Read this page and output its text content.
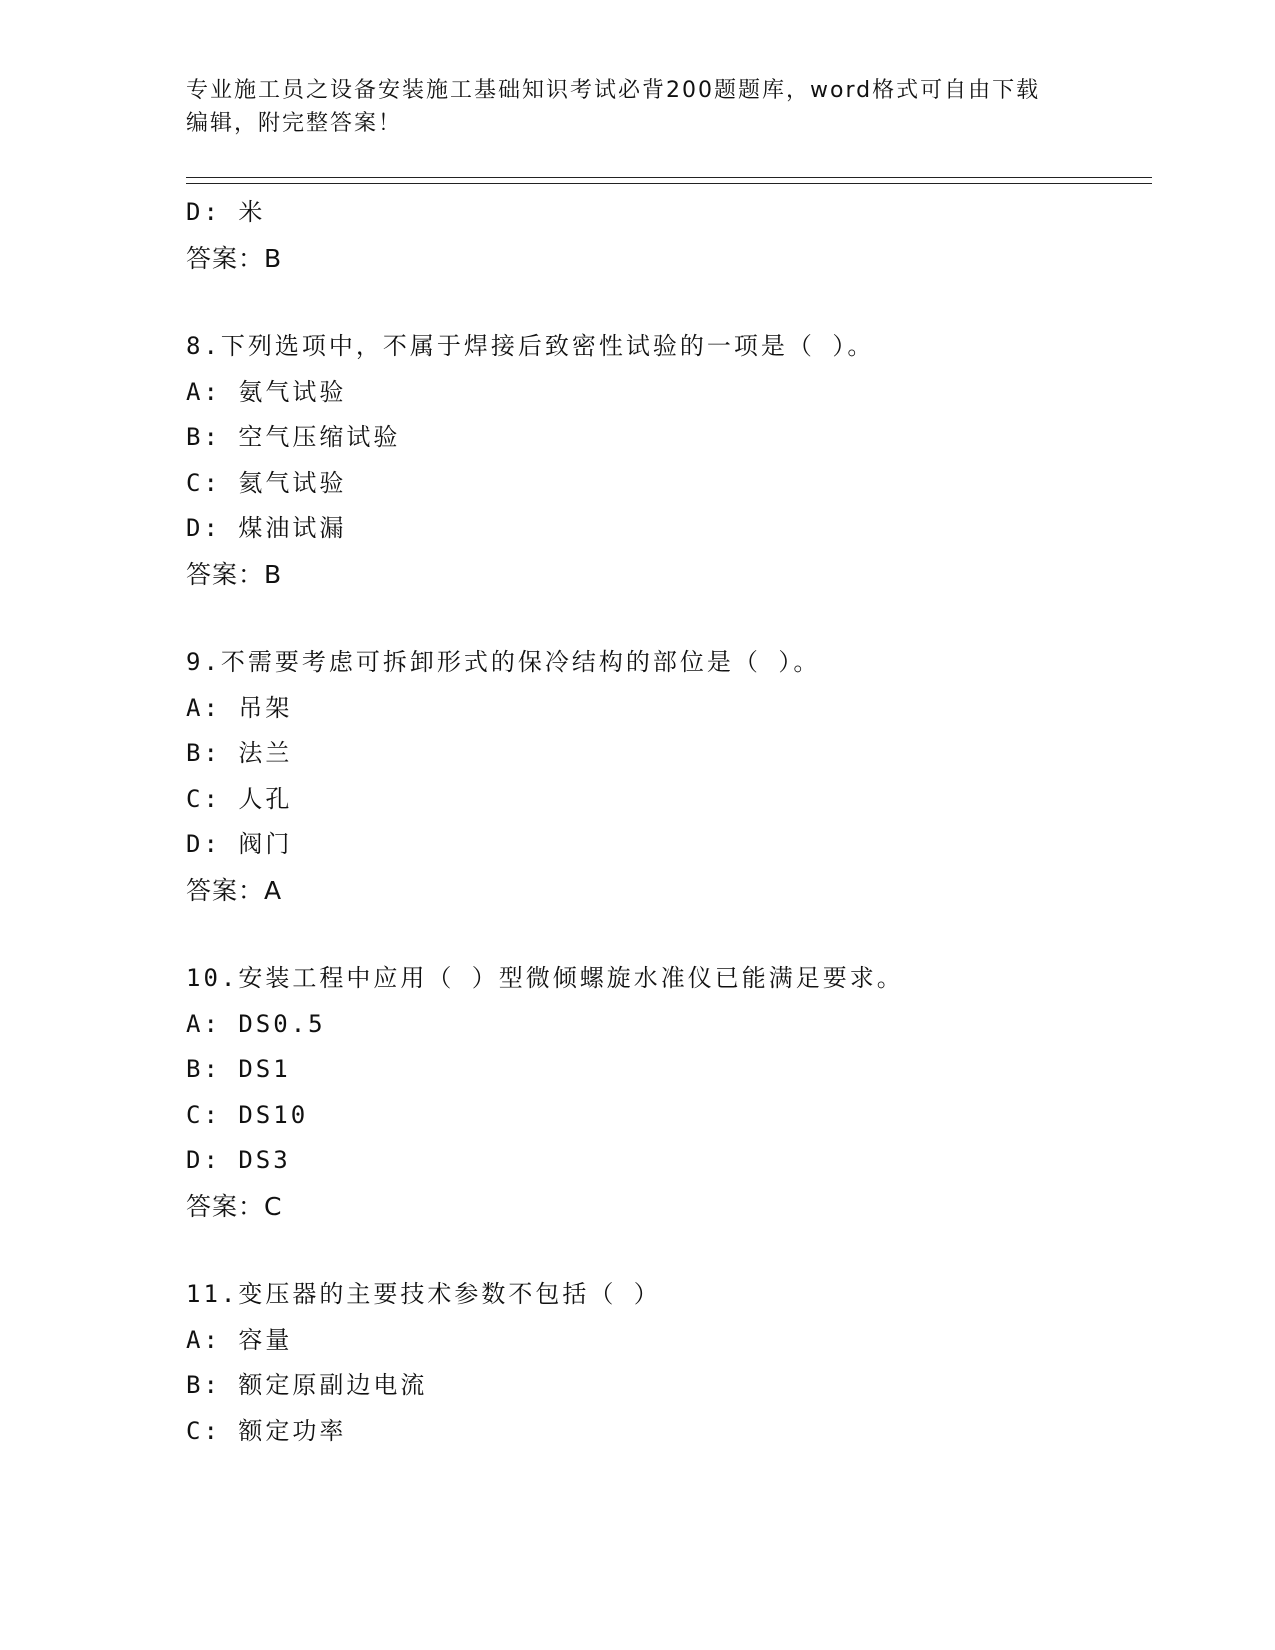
专业施工员之设备安装施工基础知识考试必背200题题库，word格式可自由下载
编辑，附完整答案！
D: 米
答案：B
8.下列选项中，不属于焊接后致密性试验的一项是（ ）。
A: 氨气试验
B: 空气压缩试验
C: 氦气试验
D: 煤油试漏
答案：B
9.不需要考虑可拆卸形式的保冷结构的部位是（ ）。
A: 吊架
B: 法兰
C: 人孔
D: 阀门
答案：A
10.安装工程中应用（ ）型微倾螺旋水准仪已能满足要求。
A: DS0.5
B: DS1
C: DS10
D: DS3
答案：C
11.变压器的主要技术参数不包括（ ）
A: 容量
B: 额定原副边电流
C: 额定功率
